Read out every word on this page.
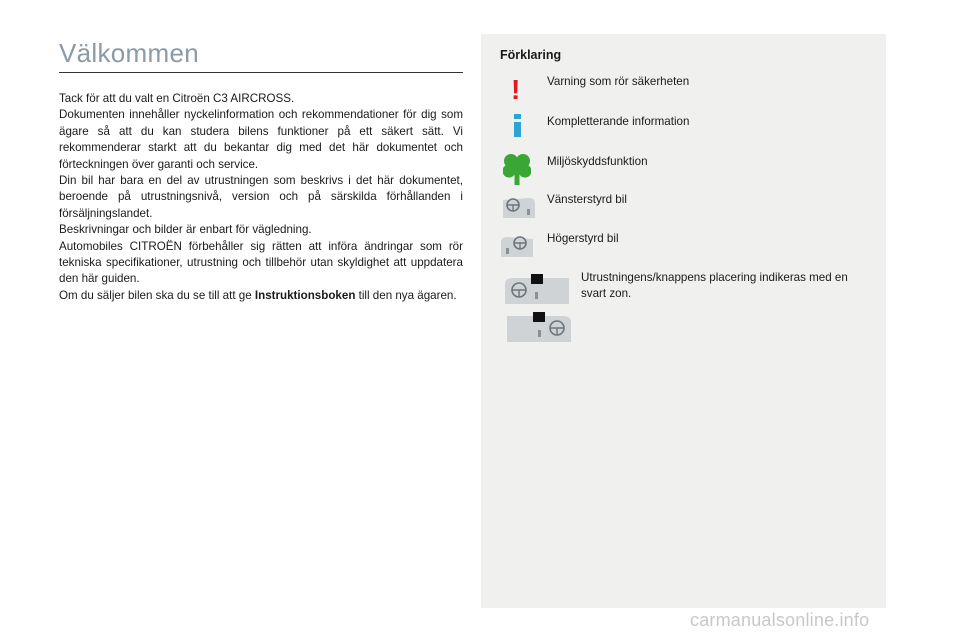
Välkommen

Tack för att du valt en Citroën C3 AIRCROSS.

Dokumenten innehåller nyckelinformation och rekommendationer för dig som ägare så att du kan studera bilens funktioner på ett säkert sätt. Vi rekommenderar starkt att du bekantar dig med det här dokumentet och förteckningen över garanti och service.

Din bil har bara en del av utrustningen som beskrivs i det här dokumentet, beroende på utrustningsnivå, version och på särskilda förhållanden i försäljningslandet.

Beskrivningar och bilder är enbart för vägledning.

Automobiles CITROËN förbehåller sig rätten att införa ändringar som rör tekniska specifikationer, utrustning och tillbehör utan skyldighet att uppdatera den här guiden.

Om du säljer bilen ska du se till att ge Instruktionsboken till den nya ägaren.

Förklaring
! Varning som rör säkerheten
Kompletterande information
Miljöskyddsfunktion
Vänsterstyrd bil
Högerstyrd bil
Utrustningens/knappens placering indikeras med en svart zon.
carmanualsonline.info
